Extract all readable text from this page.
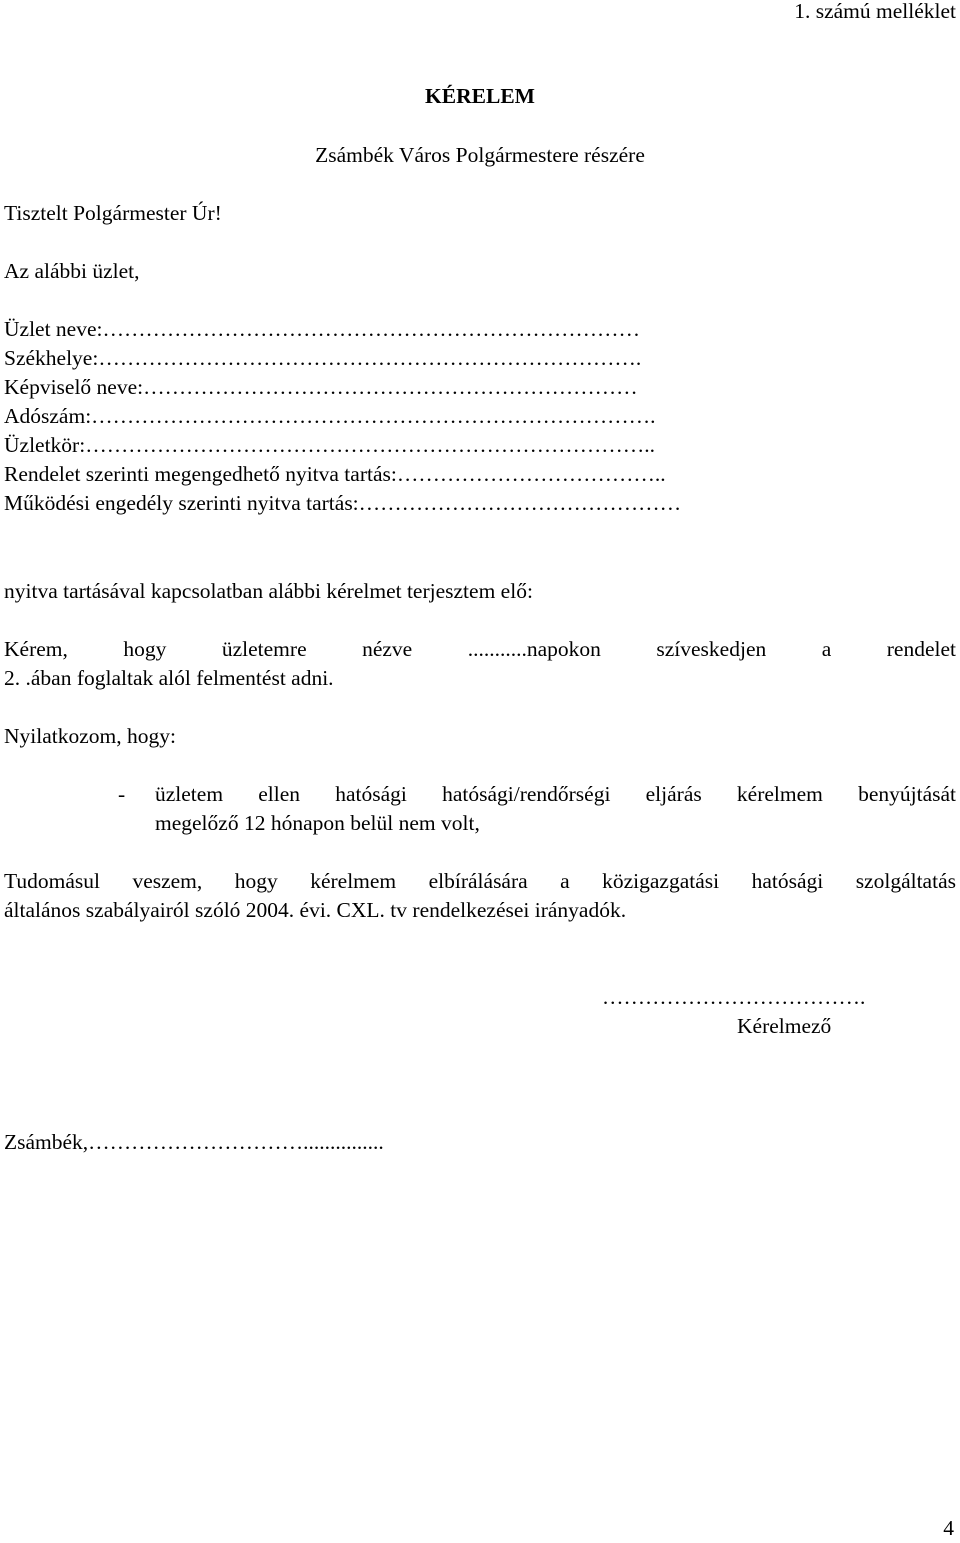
1. számú melléklet
KÉRELEM
Zsámbék Város Polgármestere részére
Tisztelt Polgármester Úr!
Az alábbi üzlet,
Üzlet neve:…………………………………………………………………
Székhelye:………………………………………………………………….
Képviselő neve:……………………………………………………………
Adószám:…………………………………………………………………….
Üzletkör:……………………………………………………………………..
Rendelet szerinti megengedhető nyitva tartás:………………………………..
Működési engedély szerinti nyitva tartás:………………………………………
nyitva tartásával kapcsolatban alábbi kérelmet terjesztem elő:
Kérem, hogy üzletemre nézve ...........napokon szíveskedjen a rendelet
2. .ában foglaltak alól felmentést adni.
Nyilatkozom, hogy:
- üzletem ellen hatósági hatósági/rendőrségi eljárás kérelmem benyújtását
megelőző 12 hónapon belül nem volt,
Tudomásul veszem, hogy kérelmem elbírálására a közigazgatási hatósági szolgáltatás
általános szabályairól szóló 2004. évi. CXL. tv rendelkezései irányadók.
……………………………….
Kérelmező
Zsámbék,…………………………...............
4
